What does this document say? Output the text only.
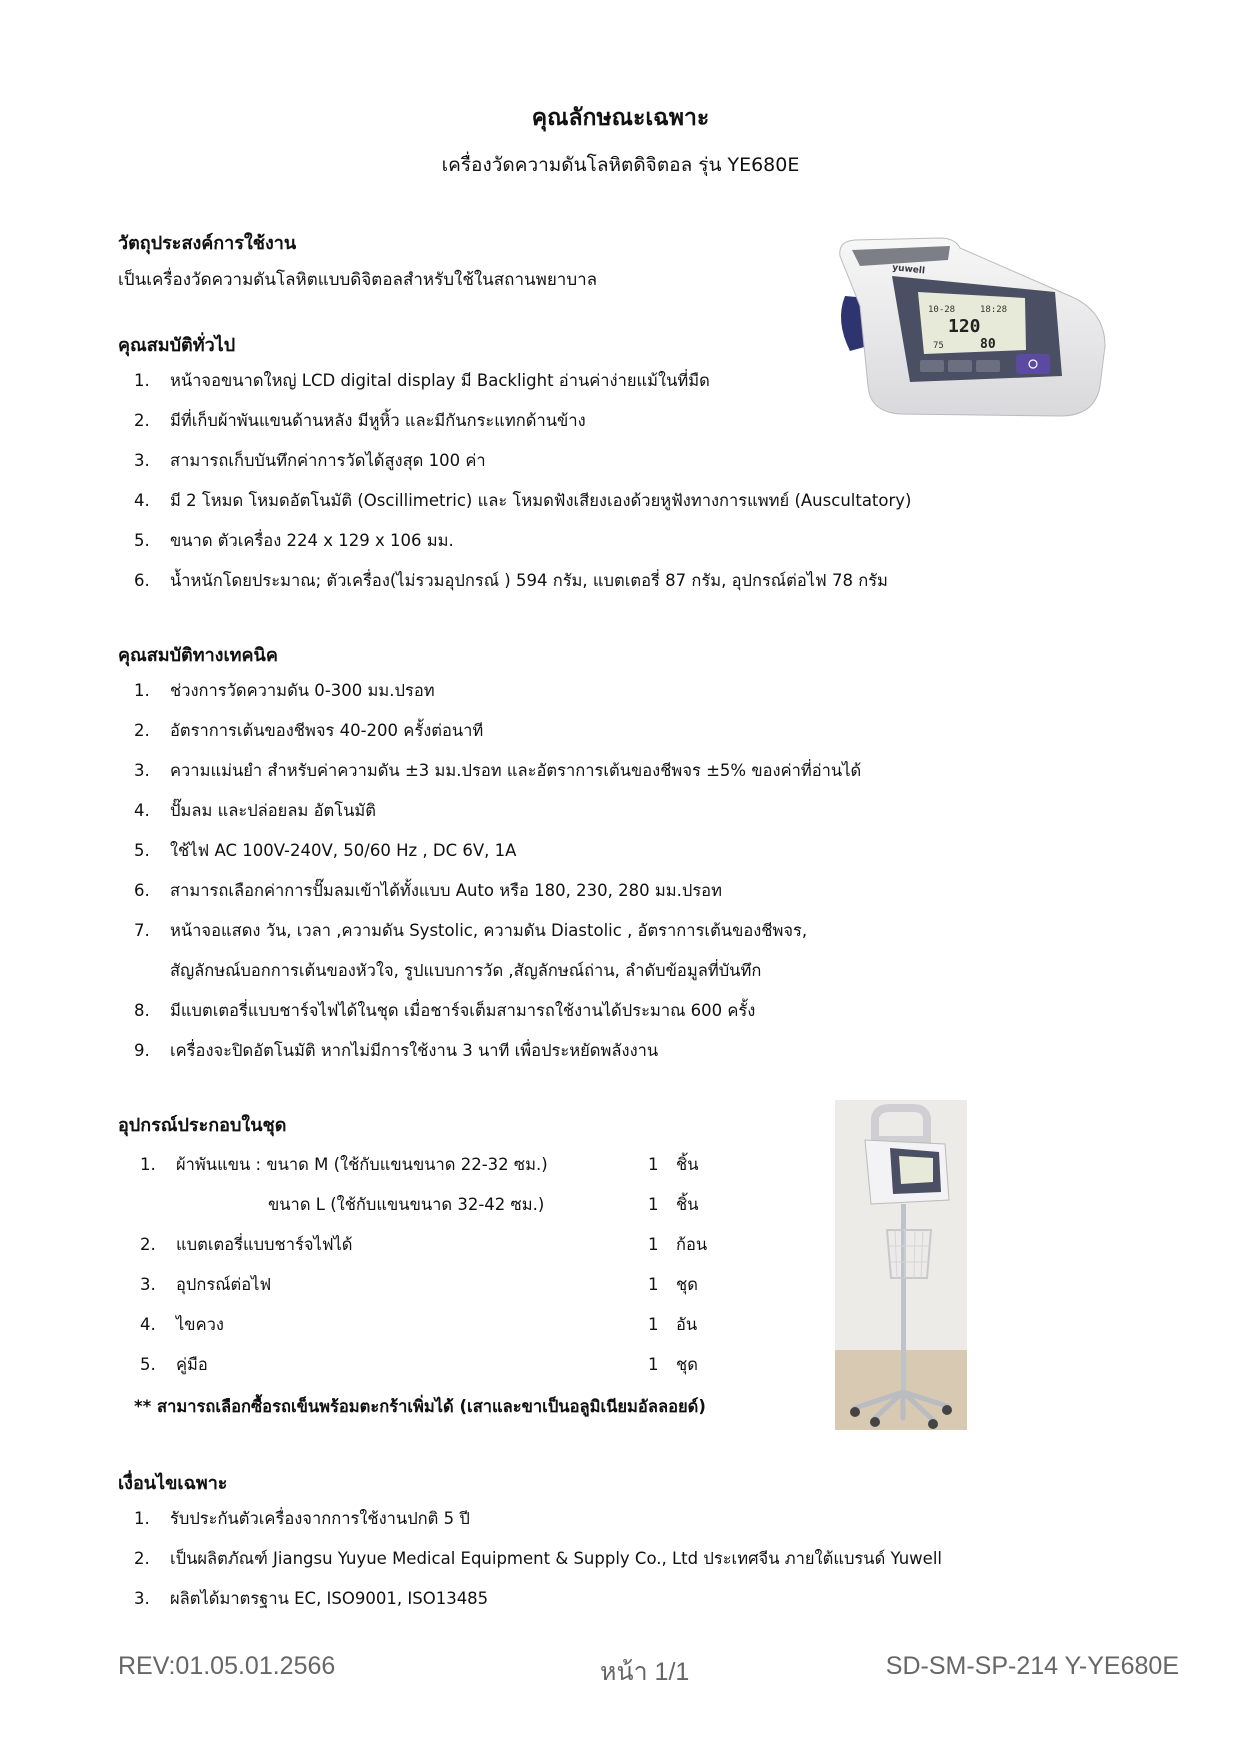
คุณลักษณะเฉพาะ
เครื่องวัดความดันโลหิตดิจิตอล รุ่น YE680E
วัตถุประสงค์การใช้งาน
เป็นเครื่องวัดความดันโลหิตแบบดิจิตอลสำหรับใช้ในสถานพยาบาล
10-28	18:28
120
80
75
yuwell
คุณสมบัติทั่วไป
1. หน้าจอขนาดใหญ่ LCD digital display มี Backlight อ่านค่าง่ายแม้ในที่มืด
2. มีที่เก็บผ้าพันแขนด้านหลัง มีหูหิ้ว และมีกันกระแทกด้านข้าง
3. สามารถเก็บบันทึกค่าการวัดได้สูงสุด 100 ค่า
4. มี 2 โหมด โหมดอัตโนมัติ (Oscillimetric) และ โหมดฟังเสียงเองด้วยหูฟังทางการแพทย์ (Auscultatory)
5. ขนาด ตัวเครื่อง 224 x 129 x 106 มม.
6. น้ำหนักโดยประมาณ; ตัวเครื่อง(ไม่รวมอุปกรณ์ ) 594 กรัม, แบตเตอรี่ 87 กรัม, อุปกรณ์ต่อไฟ 78 กรัม
คุณสมบัติทางเทคนิค
1. ช่วงการวัดความดัน 0-300 มม.ปรอท
2. อัตราการเต้นของชีพจร 40-200 ครั้งต่อนาที
3. ความแม่นยำ สำหรับค่าความดัน ±3 มม.ปรอท และอัตราการเต้นของชีพจร ±5% ของค่าที่อ่านได้
4. ปั๊มลม และปล่อยลม อัตโนมัติ
5. ใช้ไฟ AC 100V-240V, 50/60 Hz , DC 6V, 1A
6. สามารถเลือกค่าการปั๊มลมเข้าได้ทั้งแบบ Auto หรือ 180, 230, 280 มม.ปรอท
7. หน้าจอแสดง วัน, เวลา ,ความดัน Systolic, ความดัน Diastolic , อัตราการเต้นของชีพจร,
สัญลักษณ์บอกการเต้นของหัวใจ, รูปแบบการวัด ,สัญลักษณ์ถ่าน, ลำดับข้อมูลที่บันทึก
8. มีแบตเตอรี่แบบชาร์จไฟได้ในชุด เมื่อชาร์จเต็มสามารถใช้งานได้ประมาณ 600 ครั้ง
9. เครื่องจะปิดอัตโนมัติ หากไม่มีการใช้งาน 3 นาที เพื่อประหยัดพลังงาน
อุปกรณ์ประกอบในชุด
1. ผ้าพันแขน : ขนาด M (ใช้กับแขนขนาด 22-32 ซม.)	1 ชิ้น
ขนาด L (ใช้กับแขนขนาด 32-42 ซม.)	1 ชิ้น
2. แบตเตอรี่แบบชาร์จไฟได้	1 ก้อน
3. อุปกรณ์ต่อไฟ	1 ชุด
4. ไขควง	1 อัน
5. คู่มือ	1 ชุด
** สามารถเลือกซื้อรถเข็นพร้อมตะกร้าเพิ่มได้ (เสาและขาเป็นอลูมิเนียมอัลลอยด์)
เงื่อนไขเฉพาะ
1. รับประกันตัวเครื่องจากการใช้งานปกติ 5 ปี
2. เป็นผลิตภัณฑ์ Jiangsu Yuyue Medical Equipment & Supply Co., Ltd ประเทศจีน ภายใต้แบรนด์ Yuwell
3. ผลิตได้มาตรฐาน EC, ISO9001, ISO13485
REV:01.05.01.2566	หน้า 1/1	SD-SM-SP-214 Y-YE680E
